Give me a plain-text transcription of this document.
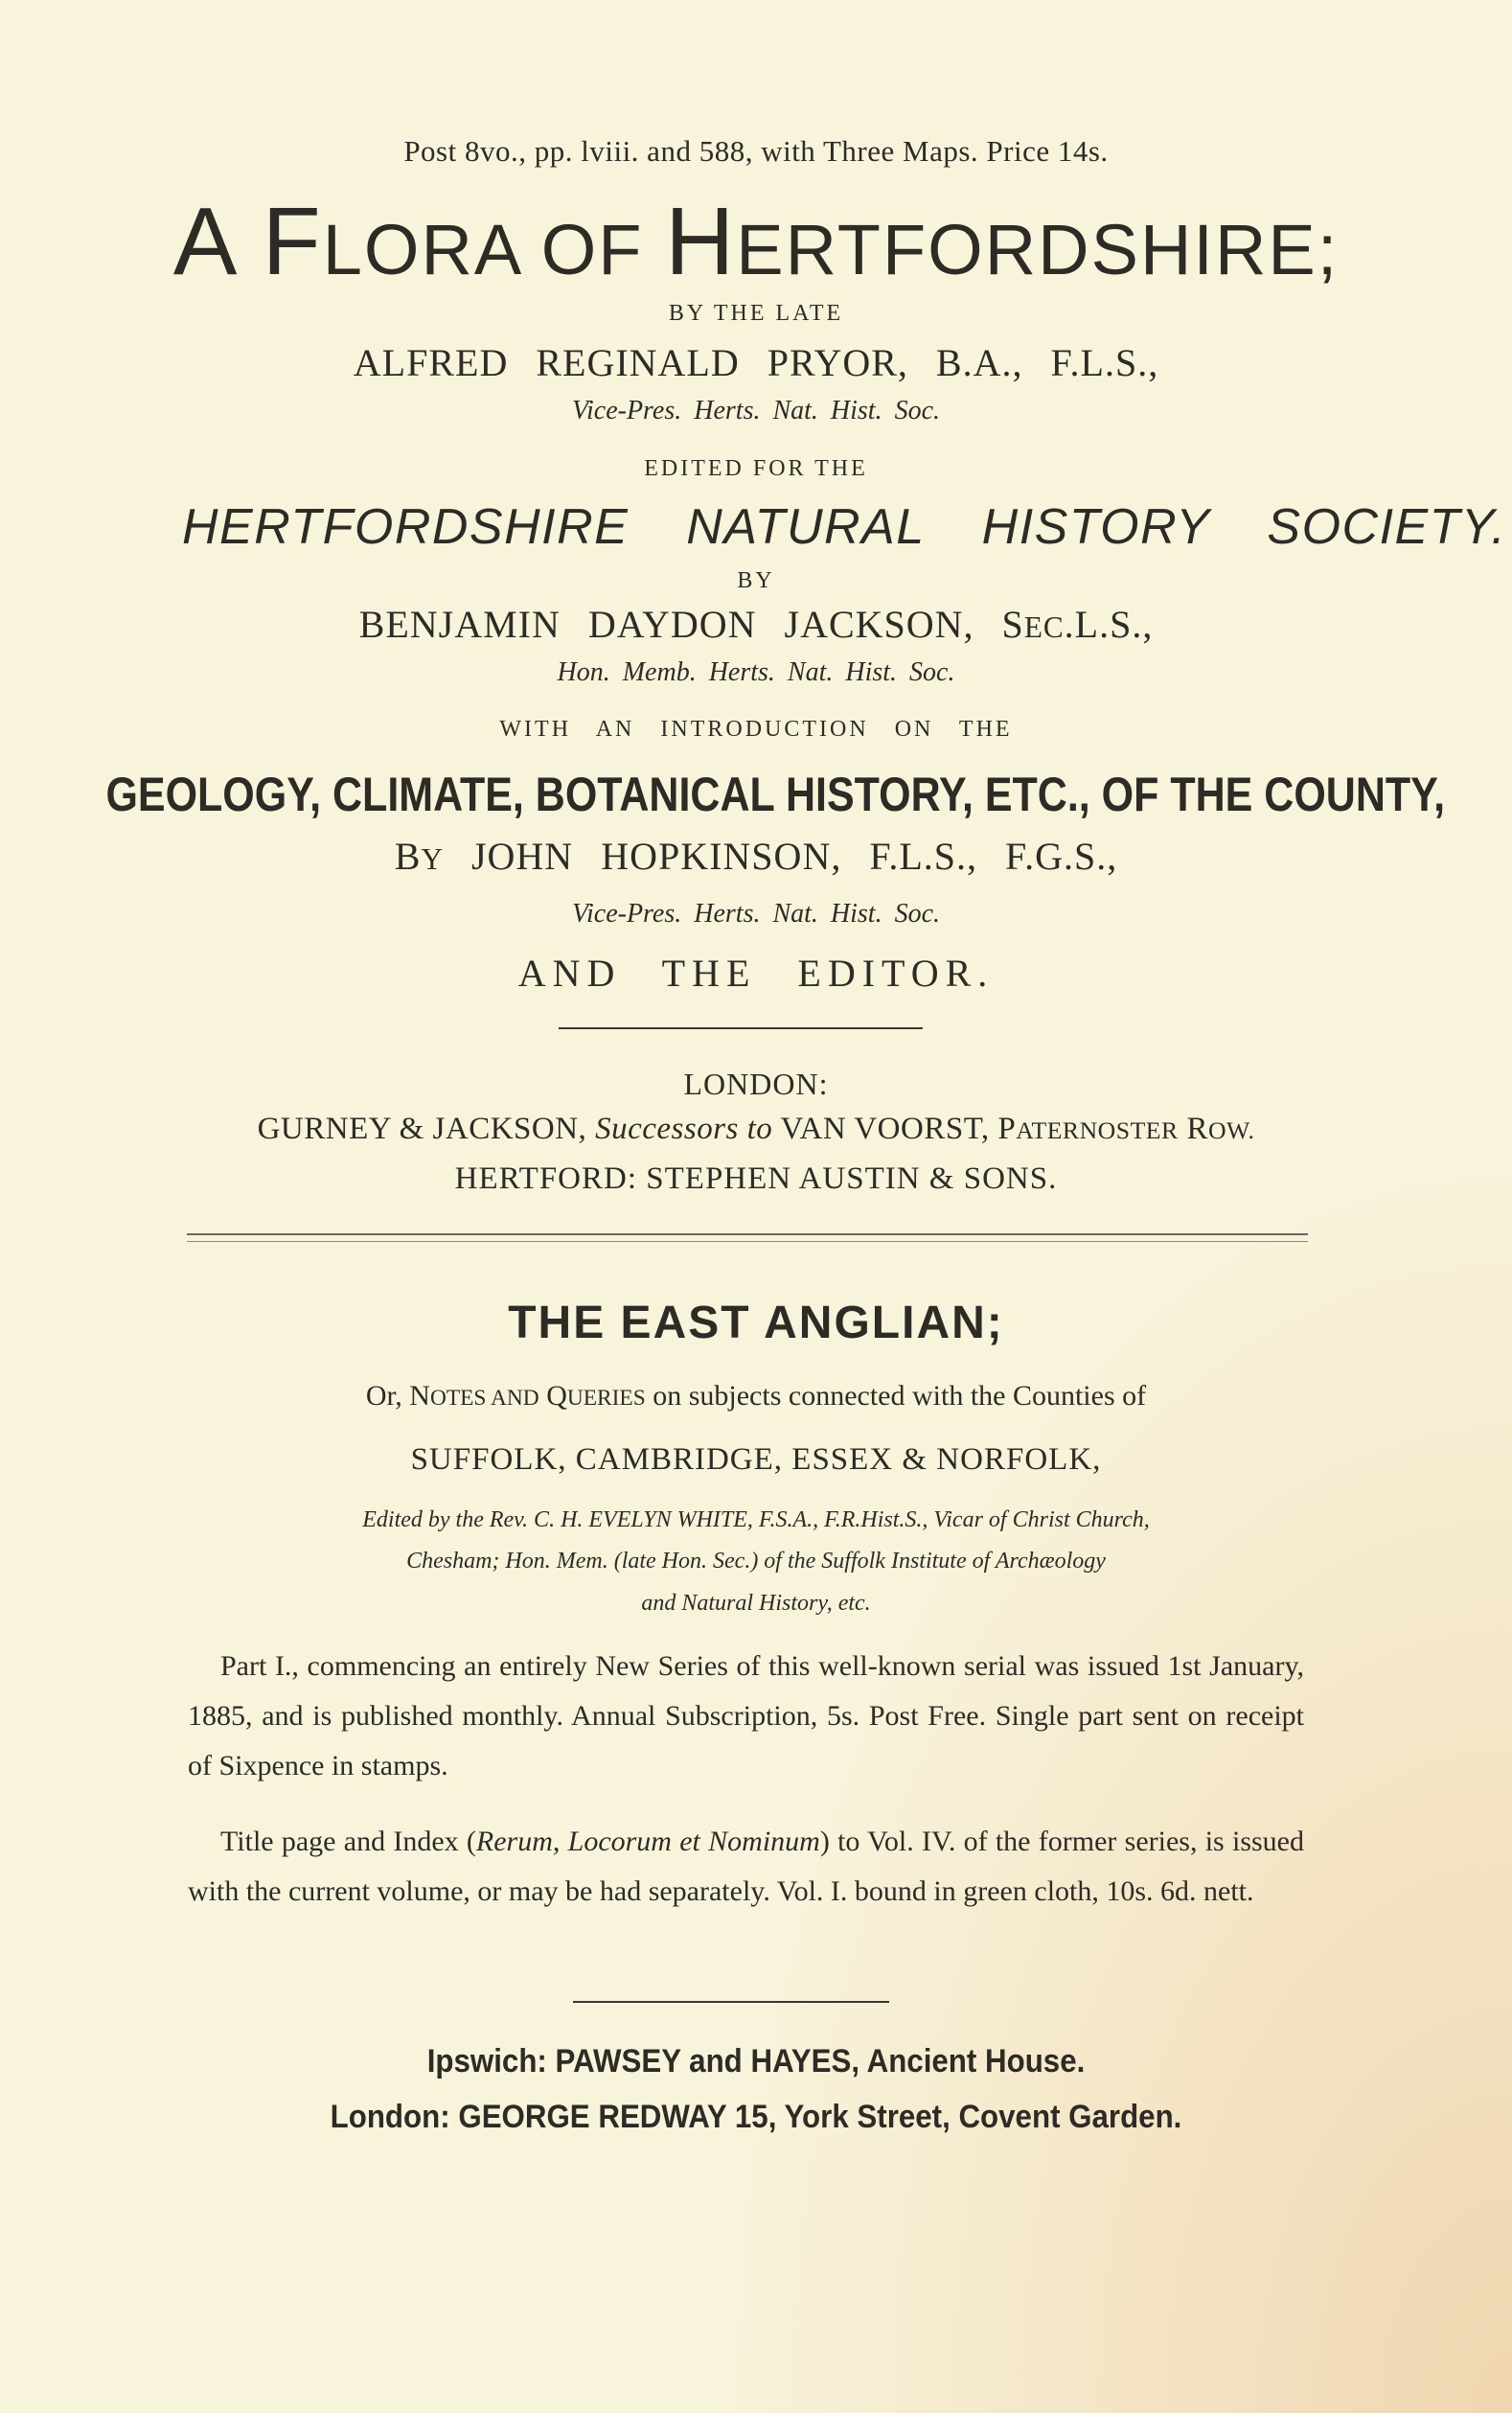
Post 8vo., pp. lviii. and 588, with Three Maps. Price 14s.
A FLORA OF HERTFORDSHIRE;
BY THE LATE
ALFRED REGINALD PRYOR, B.A., F.L.S.,
Vice-Pres. Herts. Nat. Hist. Soc.
EDITED FOR THE
HERTFORDSHIRE NATURAL HISTORY SOCIETY.
BY
BENJAMIN DAYDON JACKSON, SEC.L.S.,
Hon. Memb. Herts. Nat. Hist. Soc.
WITH AN INTRODUCTION ON THE
GEOLOGY, CLIMATE, BOTANICAL HISTORY, ETC., OF THE COUNTY,
BY JOHN HOPKINSON, F.L.S., F.G.S.,
Vice-Pres. Herts. Nat. Hist. Soc.
AND THE EDITOR.
LONDON:
GURNEY & JACKSON, Successors to VAN VOORST, PATERNOSTER ROW.
HERTFORD: STEPHEN AUSTIN & SONS.
THE EAST ANGLIAN;
Or, NOTES AND QUERIES on subjects connected with the Counties of
SUFFOLK, CAMBRIDGE, ESSEX & NORFOLK,
Edited by the Rev. C. H. EVELYN WHITE, F.S.A., F.R.Hist.S., Vicar of Christ Church,
Chesham; Hon. Mem. (late Hon. Sec.) of the Suffolk Institute of Archæology
and Natural History, etc.

Part I., commencing an entirely New Series of this well-known serial was issued 1st January, 1885, and is published monthly. Annual Subscription, 5s. Post Free. Single part sent on receipt of Sixpence in stamps.

Title page and Index (Rerum, Locorum et Nominum) to Vol. IV. of the former series, is issued with the current volume, or may be had separately. Vol. I. bound in green cloth, 10s. 6d. nett.

Ipswich: PAWSEY and HAYES, Ancient House.
London: GEORGE REDWAY 15, York Street, Covent Garden.
